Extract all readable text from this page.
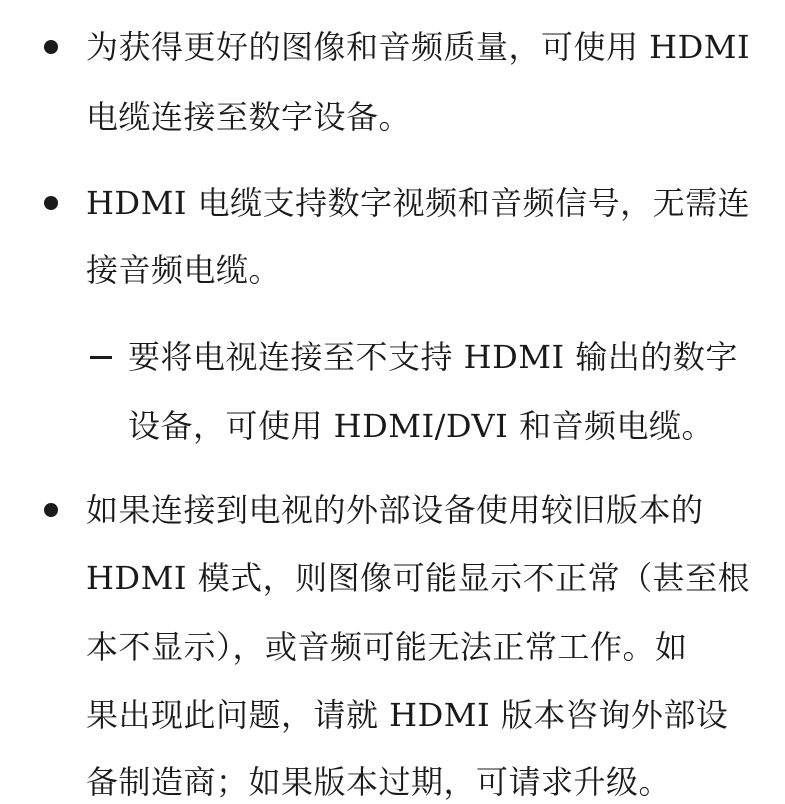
为获得更好的图像和音频质量，可使用 HDMI
电缆连接至数字设备。
HDMI 电缆支持数字视频和音频信号，无需连
接音频电缆。
要将电视连接至不支持 HDMI 输出的数字
设备，可使用 HDMI/DVI 和音频电缆。
如果连接到电视的外部设备使用较旧版本的
HDMI 模式，则图像可能显示不正常（甚至根
本不显示），或音频可能无法正常工作。如
果出现此问题，请就 HDMI 版本咨询外部设
备制造商；如果版本过期，可请求升级。
